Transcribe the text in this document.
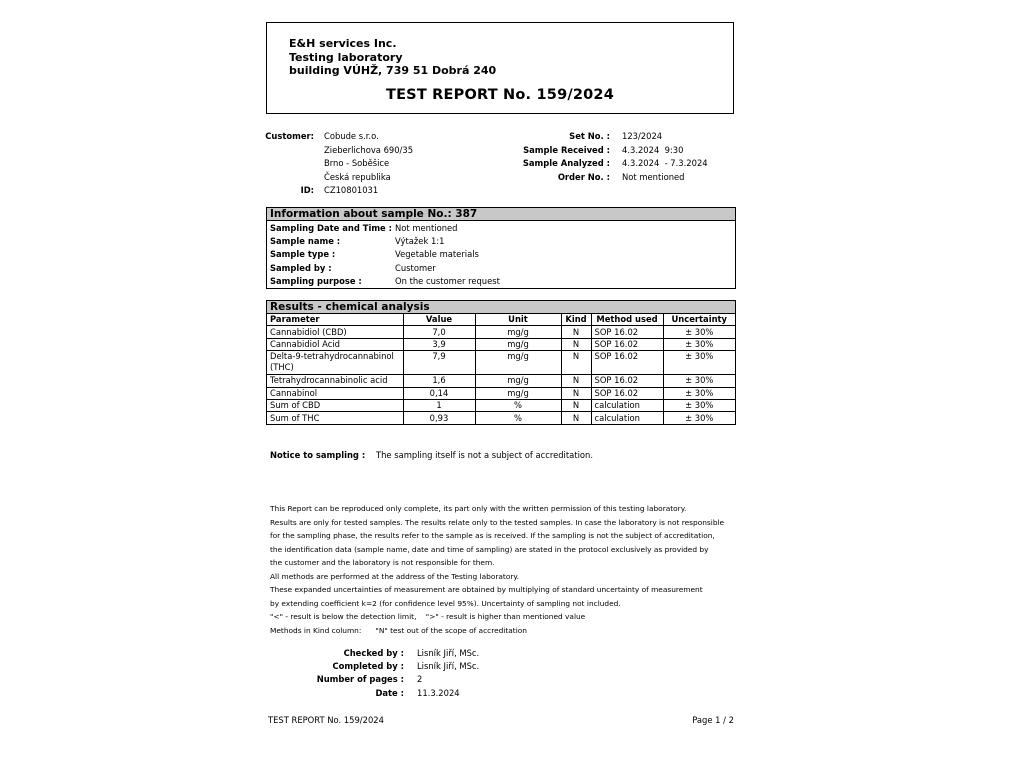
E&H services Inc.
Testing laboratory
building VÚHŽ, 739 51 Dobrá 240
TEST REPORT No. 159/2024
Customer: Cobude s.r.o.
Zieberlichova 690/35
Brno - Soběšice
Česká republika
ID: CZ10801031
Set No. : 123/2024
Sample Received : 4.3.2024  9:30
Sample Analyzed : 4.3.2024  - 7.3.2024
Order No. : Not mentioned
Information about sample No.: 387
Sampling Date and Time :	Not mentioned
Sample name :	Výtažek 1:1
Sample type :	Vegetable materials
Sampled by :	Customer
Sampling purpose :	On the customer request
Results - chemical analysis
Parameter	Value	Unit	Kind	Method used	Uncertainty
Cannabidiol (CBD)	7,0	mg/g	N	SOP 16.02	± 30%
Cannabidiol Acid	3,9	mg/g	N	SOP 16.02	± 30%
Delta-9-tetrahydrocannabinol (THC)	7,9	mg/g	N	SOP 16.02	± 30%
Tetrahydrocannabinolic acid	1,6	mg/g	N	SOP 16.02	± 30%
Cannabinol	0,14	mg/g	N	SOP 16.02	± 30%
Sum of CBD	1	%	N	calculation	± 30%
Sum of THC	0,93	%	N	calculation	± 30%
Notice to sampling : The sampling itself is not a subject of accreditation.

This Report can be reproduced only complete, its part only with the written permission of this testing laboratory.

Results are only for tested samples. The results relate only to the tested samples. In case the laboratory is not responsible

for the sampling phase, the results refer to the sample as is received. If the sampling is not the subject of accreditation,

the identification data (sample name, date and time of sampling) are stated in the protocol exclusively as provided by

the customer and the laboratory is not responsible for them.

All methods are performed at the address of the Testing laboratory.

These expanded uncertainties of measurement are obtained by multiplying of standard uncertainty of measurement

by extending coefficient k=2 (for confidence level 95%). Uncertainty of sampling not included.

"<" - result is below the detection limit,    ">" - result is higher than mentioned value

Methods in Kind column:      "N" test out of the scope of accreditation

Checked by : Lisník Jiří, MSc.
Completed by : Lisník Jiří, MSc.
Number of pages : 2
Date : 11.3.2024
TEST REPORT No. 159/2024	Page 1 / 2
